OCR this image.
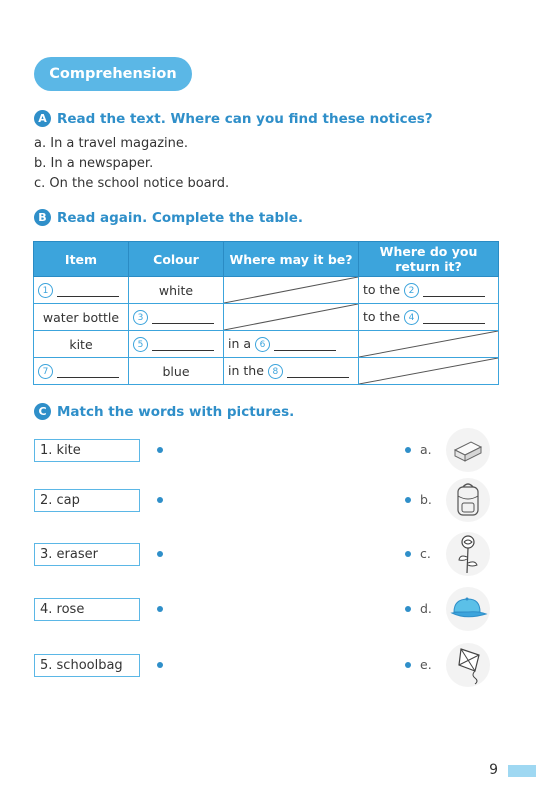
Comprehension
A Read the text. Where can you find these notices?
a. In a travel magazine.
b. In a newspaper.
c. On the school notice board.
B Read again. Complete the table.
Item	Colour	Where may it be?	Where do you return it?
1	white		to the 2
water bottle	3		to the 4
kite	5	in a 6	

7	blue	in the 8	
C Match the words with pictures.
1. kite
2. cap
3. eraser
4. rose
5. schoolbag
a.
b.
c.
d.
e.
9
